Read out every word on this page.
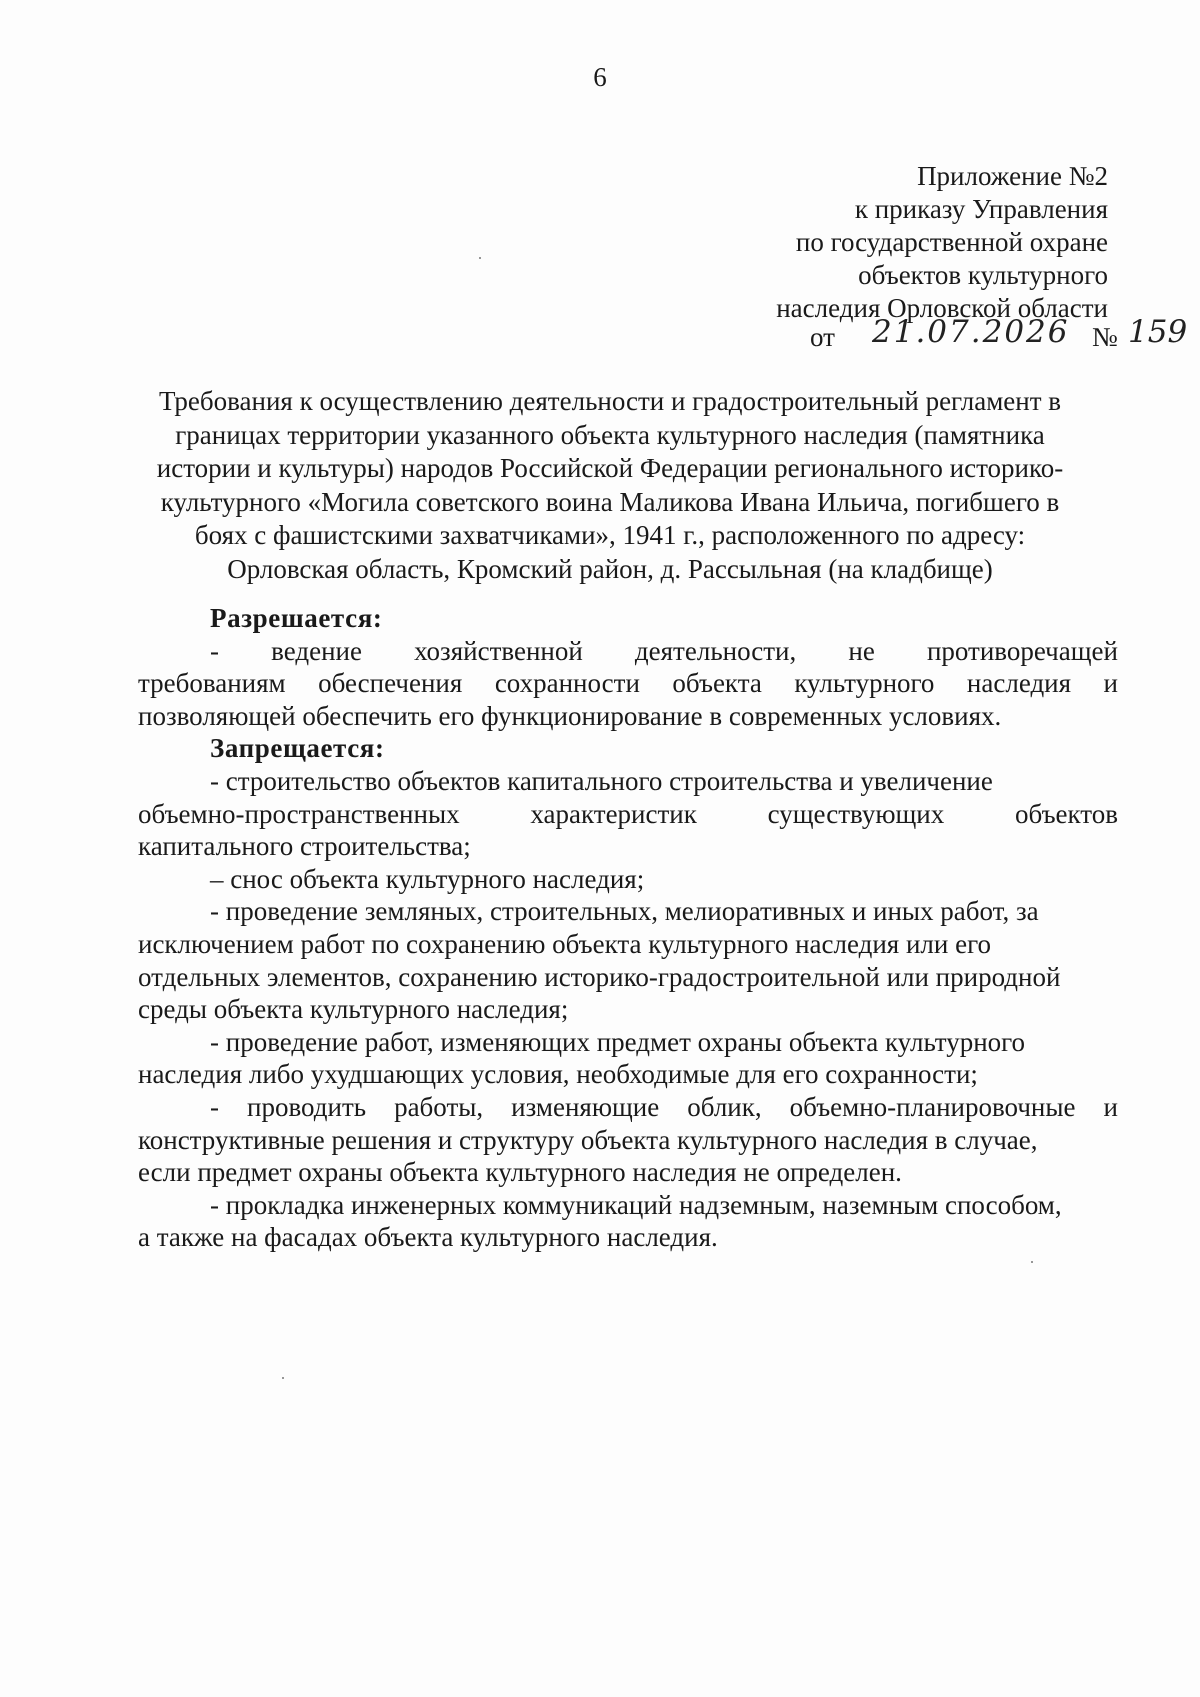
6
Приложение №2
к приказу Управления
по государственной охране
объектов культурного
наследия Орловской области
от 21.07.2026 № 159
Требования к осуществлению деятельности и градостроительный регламент в
границах территории указанного объекта культурного наследия (памятника
истории и культуры) народов Российской Федерации регионального историко-
культурного «Могила советского воина Маликова Ивана Ильича, погибшего в
боях с фашистскими захватчиками», 1941 г., расположенного по адресу:
Орловская область, Кромский район, д. Рассыльная (на кладбище)
Разрешается:
- ведение хозяйственной деятельности, не противоречащей
требованиям обеспечения сохранности объекта культурного наследия и
позволяющей обеспечить его функционирование в современных условиях.
Запрещается:
- строительство объектов капитального строительства и увеличение
объемно-пространственных	характеристик	существующих	объектов
капитального строительства;
– снос объекта культурного наследия;
- проведение земляных, строительных, мелиоративных и иных работ, за
исключением работ по сохранению объекта культурного наследия или его
отдельных элементов, сохранению историко-градостроительной или природной
среды объекта культурного наследия;
- проведение работ, изменяющих предмет охраны объекта культурного
наследия либо ухудшающих условия, необходимые для его сохранности;
- проводить работы, изменяющие облик, объемно-планировочные и
конструктивные решения и структуру объекта культурного наследия в случае,
если предмет охраны объекта культурного наследия не определен.
- прокладка инженерных коммуникаций надземным, наземным способом,
а также на фасадах объекта культурного наследия.
